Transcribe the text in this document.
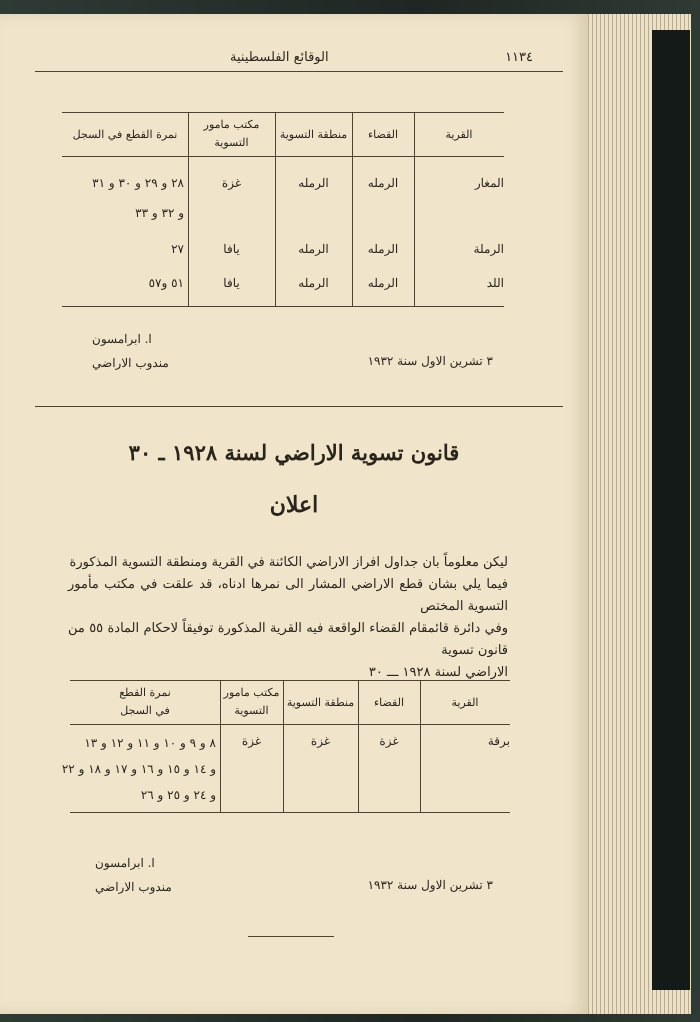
١١٣٤
الوقائع الفلسطينية
القرية
القضاء
منطقة التسوية
مكتب مامور
التسوية
نمرة القطع في السجل
المغار
الرمله
الرمله
غزة
٢٨ و ٢٩ و ٣٠ و ٣١
و ٣٢ و ٣٣
الرملة
الرمله
الرمله
يافا
٢٧
اللد
الرمله
الرمله
يافا
٥١ و٥٧
٣ تشرين الاول سنة ١٩٣٢
ا. ابرامسون
مندوب الاراضي
قانون تسوية الاراضي لسنة ١٩٢٨ ـ ٣٠
اعلان
ليكن معلوماً بان جداول افراز الاراضي الكائنة في القرية ومنطقة التسوية المذكورة
فيما يلي بشان قطع الاراضي المشار الى نمرها ادناه، قد علقت في مكتب مأمور التسوية المختص
وفي دائرة قائمقام القضاء الواقعة فيه القرية المذكورة توفيقاً لاحكام المادة ٥٥ من قانون تسوية
الاراضي لسنة ١٩٢٨ ـــ ٣٠
القرية
القضاء
منطقة التسوية
مكتب مامور
التسوية
نمرة القطع
في السجل
برقة
غزة
غزة
غزة
٨ و ٩ و ١٠ و ١١ و ١٢ و ١٣
و ١٤ و ١٥ و ١٦ و ١٧ و ١٨ و ٢٢
و ٢٤ و ٢٥ و ٢٦
٣ تشرين الاول سنة ١٩٣٢
ا. ابرامسون
مندوب الاراضي
